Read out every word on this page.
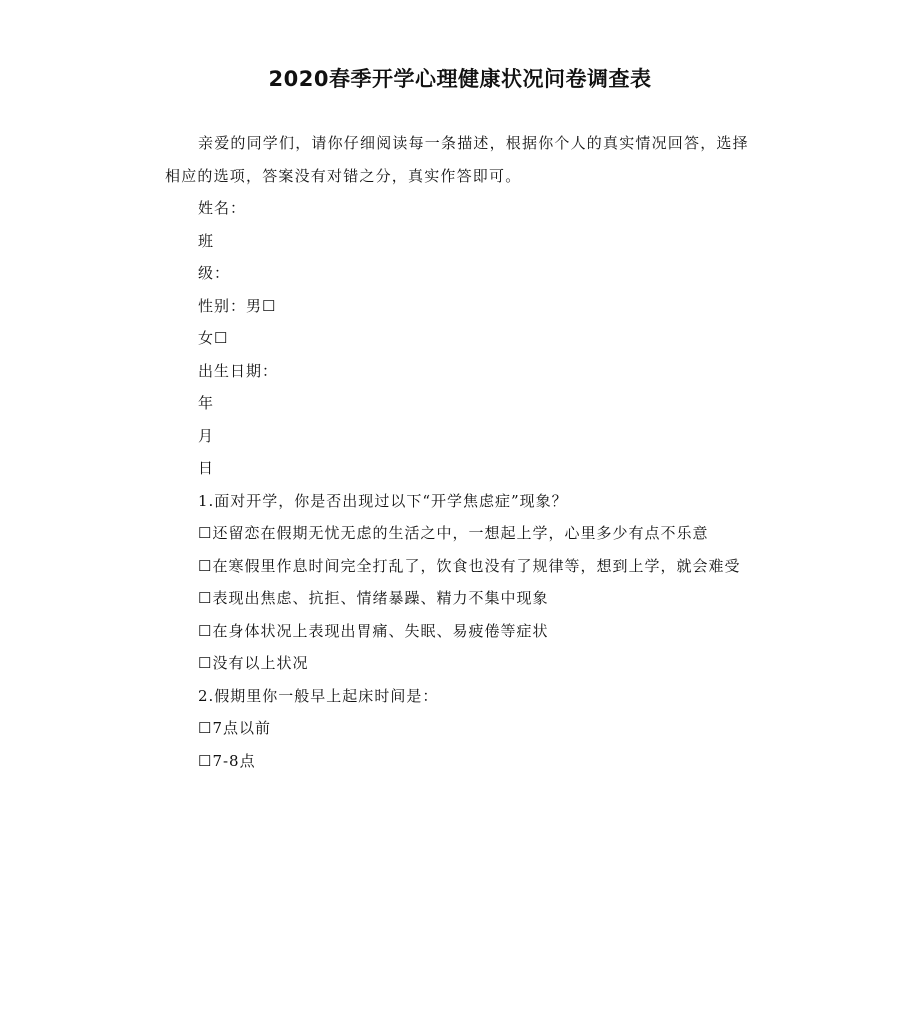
2020春季开学心理健康状况问卷调查表

亲爱的同学们，请你仔细阅读每一条描述，根据你个人的真实情况回答，选择相应的选项，答案没有对错之分，真实作答即可。

姓名：

班

级：

性别：男☐

女☐

出生日期：

年

月

日

1.面对开学，你是否出现过以下“开学焦虑症”现象？

☐还留恋在假期无忧无虑的生活之中，一想起上学，心里多少有点不乐意

☐在寒假里作息时间完全打乱了，饮食也没有了规律等，想到上学，就会难受

☐表现出焦虑、抗拒、情绪暴躁、精力不集中现象

☐在身体状况上表现出胃痛、失眠、易疲倦等症状

☐没有以上状况

2.假期里你一般早上起床时间是：

☐7点以前

☐7-8点
